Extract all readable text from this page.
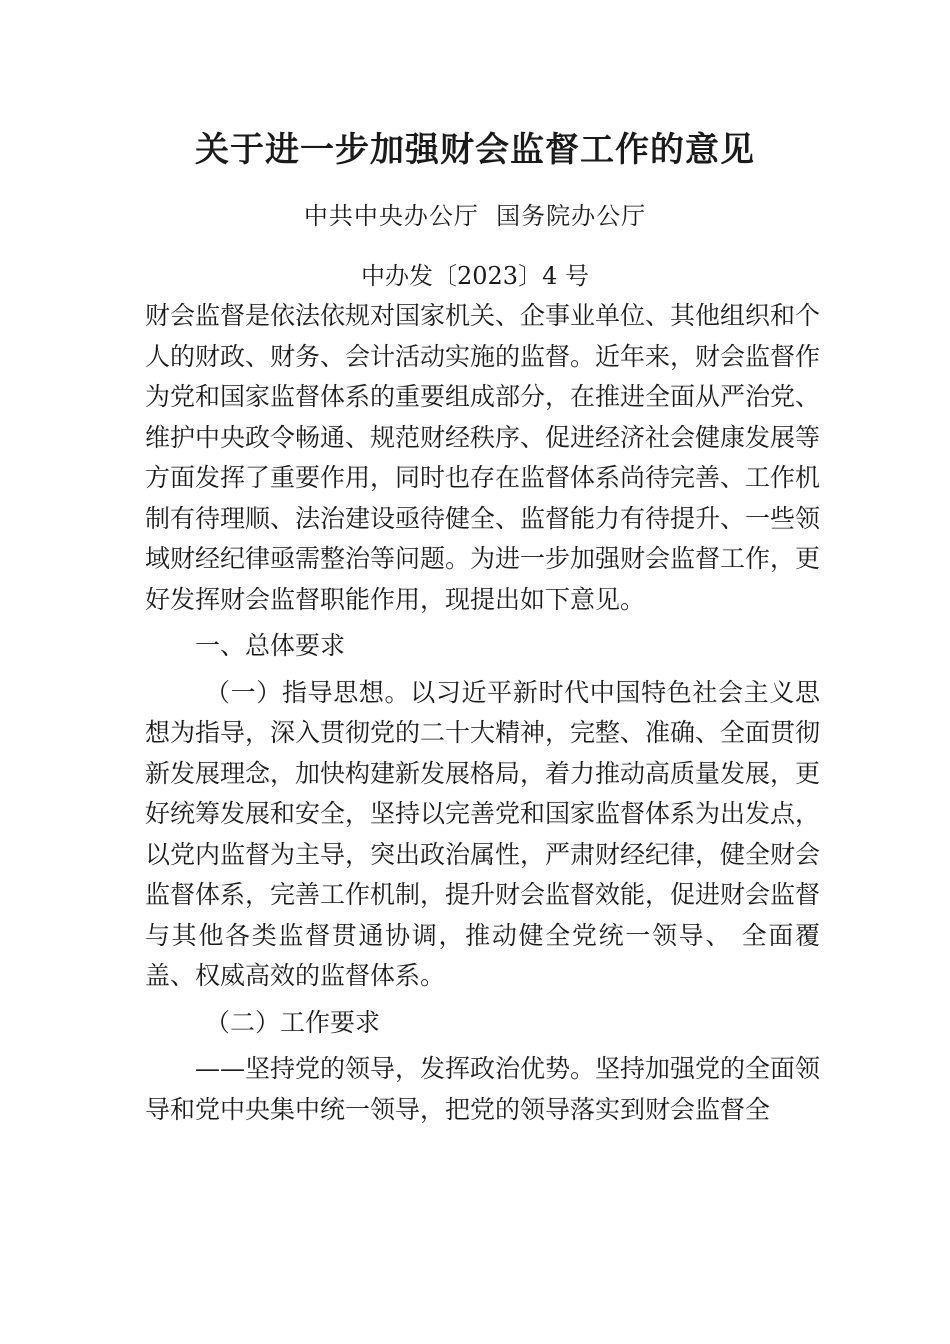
关于进一步加强财会监督工作的意见
中共中央办公厅  国务院办公厅
中办发〔2023〕4 号

财会监督是依法依规对国家机关、企事业单位、其他组织和个人的财政、财务、会计活动实施的监督。近年来，财会监督作为党和国家监督体系的重要组成部分，在推进全面从严治党、维护中央政令畅通、规范财经秩序、促进经济社会健康发展等方面发挥了重要作用，同时也存在监督体系尚待完善、工作机制有待理顺、法治建设亟待健全、监督能力有待提升、一些领域财经纪律亟需整治等问题。为进一步加强财会监督工作，更好发挥财会监督职能作用，现提出如下意见。

一、总体要求

（一）指导思想。以习近平新时代中国特色社会主义思想为指导，深入贯彻党的二十大精神，完整、准确、全面贯彻新发展理念，加快构建新发展格局，着力推动高质量发展，更好统筹发展和安全，坚持以完善党和国家监督体系为出发点，以党内监督为主导，突出政治属性，严肃财经纪律，健全财会监督体系，完善工作机制，提升财会监督效能，促进财会监督与其他各类监督贯通协调，推动健全党统一领导、 全面覆盖、权威高效的监督体系。

（二）工作要求

——坚持党的领导，发挥政治优势。坚持加强党的全面领导和党中央集中统一领导，把党的领导落实到财会监督全
